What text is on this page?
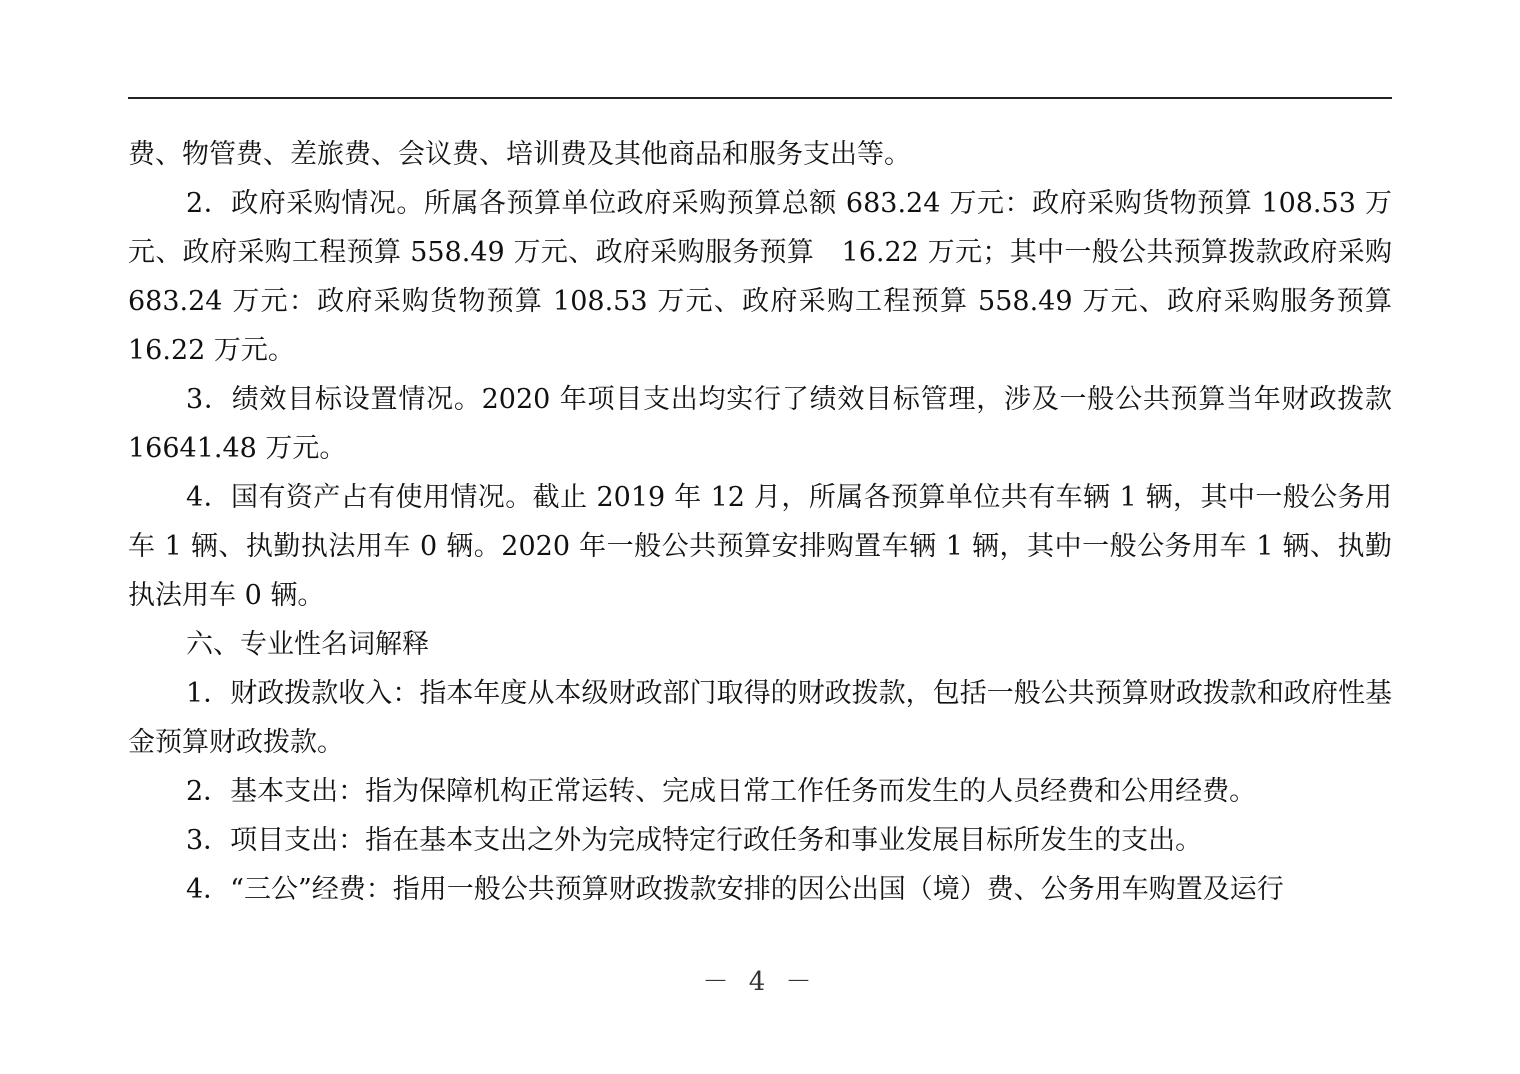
费、物管费、差旅费、会议费、培训费及其他商品和服务支出等。

2．政府采购情况。所属各预算单位政府采购预算总额 683.24 万元：政府采购货物预算 108.53 万元、政府采购工程预算 558.49 万元、政府采购服务预算　16.22 万元；其中一般公共预算拨款政府采购 683.24 万元：政府采购货物预算 108.53 万元、政府采购工程预算 558.49 万元、政府采购服务预算 16.22 万元。

3．绩效目标设置情况。2020 年项目支出均实行了绩效目标管理，涉及一般公共预算当年财政拨款 16641.48 万元。

4．国有资产占有使用情况。截止 2019 年 12 月，所属各预算单位共有车辆 1 辆，其中一般公务用车 1 辆、执勤执法用车 0 辆。2020 年一般公共预算安排购置车辆 1 辆，其中一般公务用车 1 辆、执勤执法用车 0 辆。

六、专业性名词解释

1．财政拨款收入：指本年度从本级财政部门取得的财政拨款，包括一般公共预算财政拨款和政府性基金预算财政拨款。

2．基本支出：指为保障机构正常运转、完成日常工作任务而发生的人员经费和公用经费。

3．项目支出：指在基本支出之外为完成特定行政任务和事业发展目标所发生的支出。

4．“三公”经费：指用一般公共预算财政拨款安排的因公出国（境）费、公务用车购置及运行

－ 4 －
